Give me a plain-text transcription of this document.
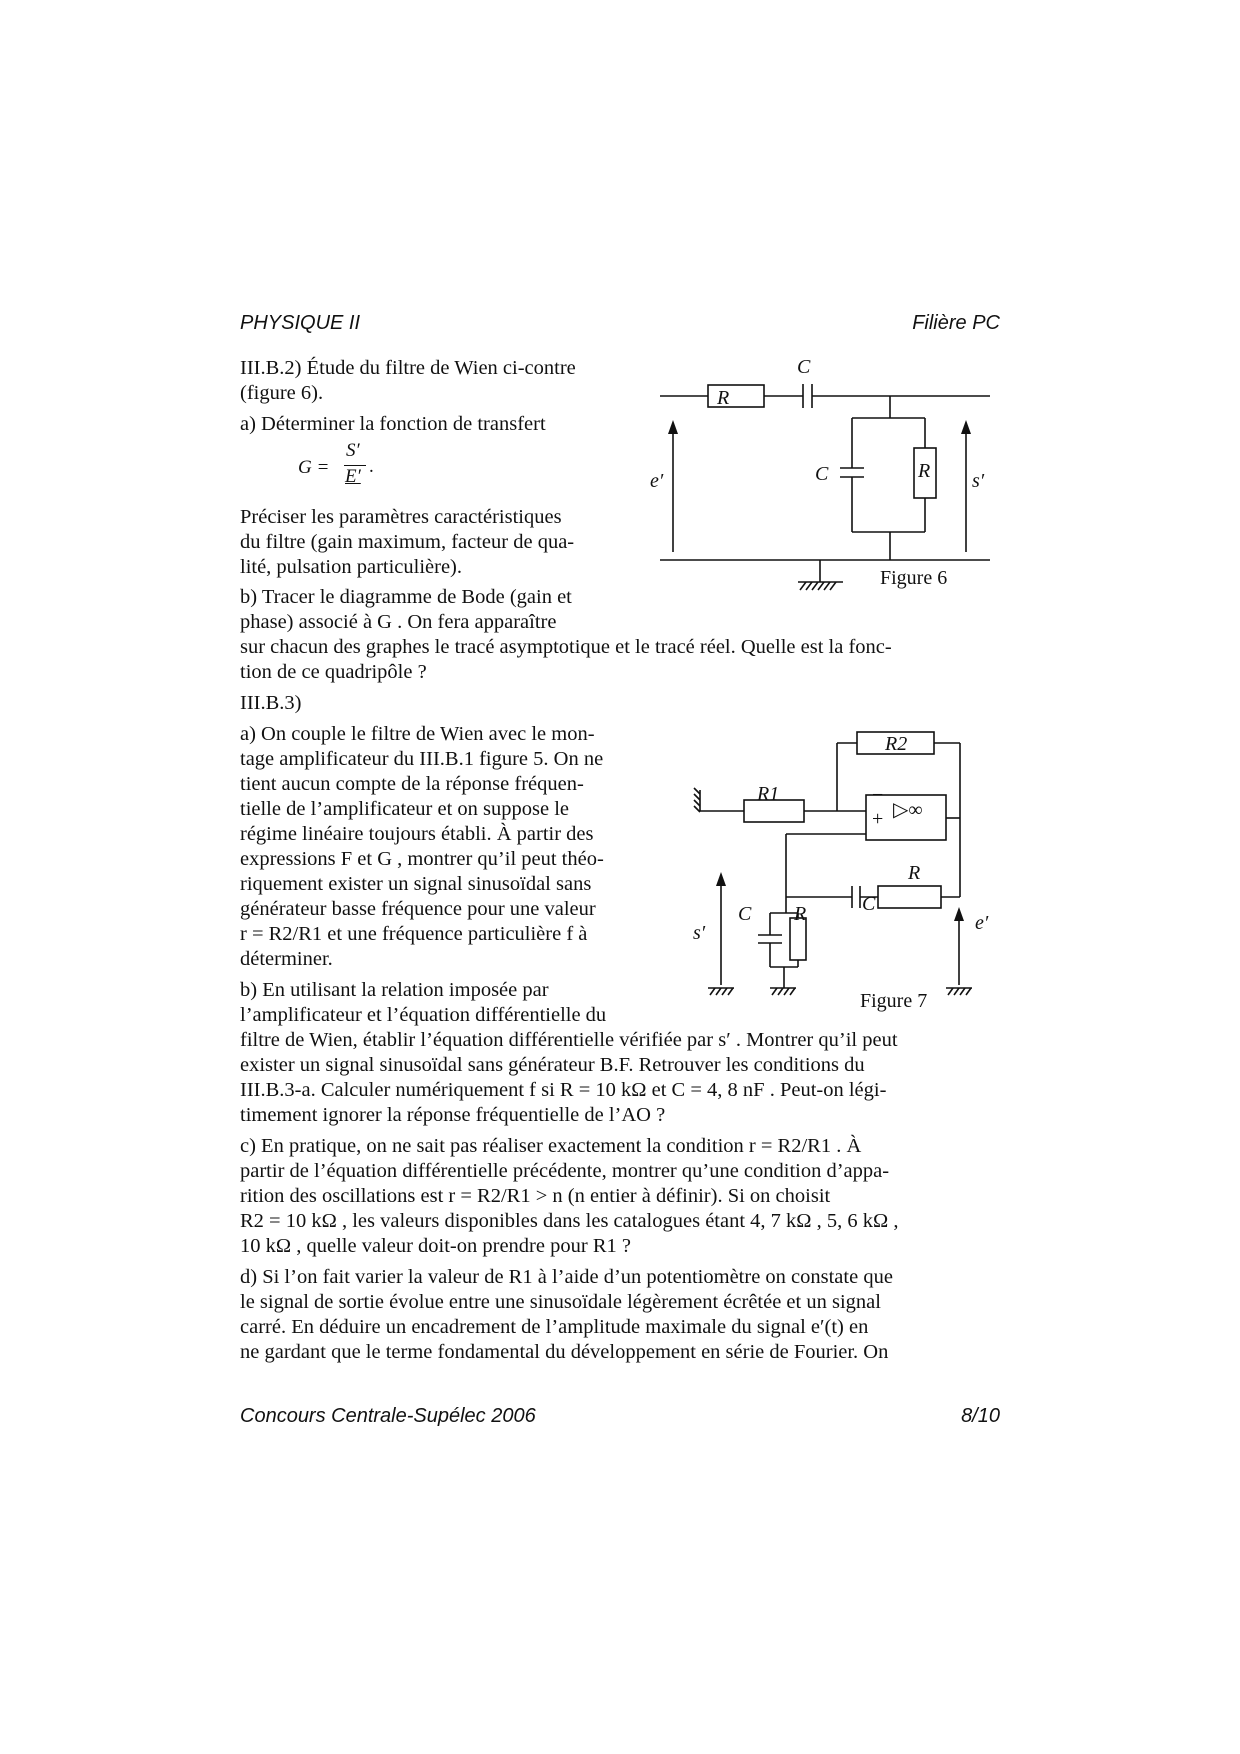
PHYSIQUE II	Filière PC
III.B.2) Étude du filtre de Wien ci-contre
(figure 6).
a) Déterminer la fonction de transfert
G =
S′
E′ .
Préciser les paramètres caractéristiques
du filtre (gain maximum, facteur de qua-
lité, pulsation particulière).
b) Tracer le diagramme de Bode (gain et
phase) associé à G . On fera apparaître
sur chacun des graphes le tracé asymptotique et le tracé réel. Quelle est la fonc-
tion de ce quadripôle ?
R
C
C	R
e′	s′
Figure 6
III.B.3)
a) On couple le filtre de Wien avec le mon-
tage amplificateur du III.B.1 figure 5. On ne
tient aucun compte de la réponse fréquen-
tielle de l’amplificateur et on suppose le
régime linéaire toujours établi. À partir des
expressions F et G , montrer qu’il peut théo-
riquement exister un signal sinusoïdal sans
générateur basse fréquence pour une valeur
r = R2/R1 et une fréquence particulière f à
déterminer.
b) En utilisant la relation imposée par
l’amplificateur et l’équation différentielle du
filtre de Wien, établir l’équation différentielle vérifiée par s′ . Montrer qu’il peut
exister un signal sinusoïdal sans générateur B.F. Retrouver les conditions du
III.B.3-a. Calculer numériquement f si R = 10 kΩ et C = 4, 8 nF . Peut-on légi-
timement ignorer la réponse fréquentielle de l’AO ?
c) En pratique, on ne sait pas réaliser exactement la condition r = R2/R1 . À
partir de l’équation différentielle précédente, montrer qu’une condition d’appa-
rition des oscillations est r = R2/R1 > n (n entier à définir). Si on choisit
R2 = 10 kΩ , les valeurs disponibles dans les catalogues étant 4, 7 kΩ , 5, 6 kΩ ,
10 kΩ , quelle valeur doit-on prendre pour R1 ?
d) Si l’on fait varier la valeur de R1 à l’aide d’un potentiomètre on constate que
le signal de sortie évolue entre une sinusoïdale légèrement écrêtée et un signal
carré. En déduire un encadrement de l’amplitude maximale du signal e′(t) en
ne gardant que le terme fondamental du développement en série de Fourier. On
R2
R1	−
+ ▷∞
R
C
C R
s′	e′
Figure 7
Concours Centrale-Supélec 2006	8/10
